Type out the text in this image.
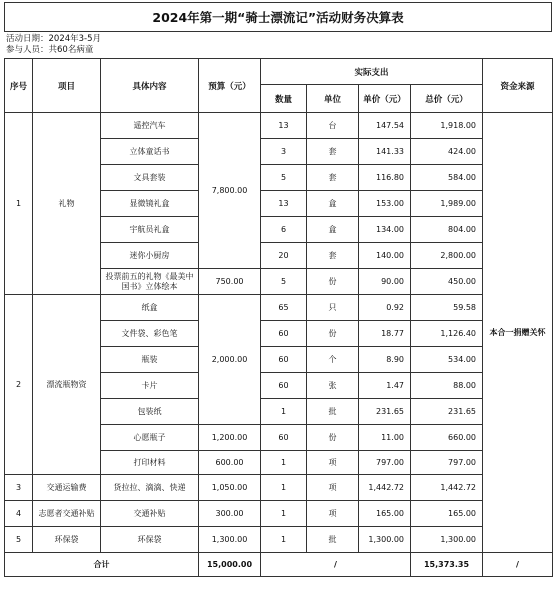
2024年第一期“骑士漂流记”活动财务决算表
活动日期：2024年3-5月
参与人员：共60名病童
序号	项目	具体内容	预算（元）	实际支出				资金来源
				数量	单位	单价（元）	总价（元）	
1	礼物	遥控汽车	7,800.00	13	台	147.54	1,918.00	本合一捐赠关怀
		立体童话书		3	套	141.33	424.00	
		文具套装		5	套	116.80	584.00	
		显微镜礼盒		13	盒	153.00	1,989.00	
		宇航员礼盒		6	盒	134.00	804.00	
		迷你小厨房		20	套	140.00	2,800.00	
		投票前五的礼物《最美中国书》立体绘本	750.00	5	份	90.00	450.00	
2	漂流瓶物资	纸盒	2,000.00	65	只	0.92	59.58	
		文件袋、彩色笔		60	份	18.77	1,126.40	
		瓶装		60	个	8.90	534.00	
		卡片		60	张	1.47	88.00	
		包装纸		1	批	231.65	231.65	
		心愿瓶子	1,200.00	60	份	11.00	660.00	
		打印材料	600.00	1	项	797.00	797.00	
3	交通运输费	货拉拉、滴滴、快递	1,050.00	1	项	1,442.72	1,442.72	
4	志愿者交通补贴	交通补贴	300.00	1	项	165.00	165.00	
5	环保袋	环保袋	1,300.00	1	批	1,300.00	1,300.00	
合计			15,000.00	/			15,373.35	/
